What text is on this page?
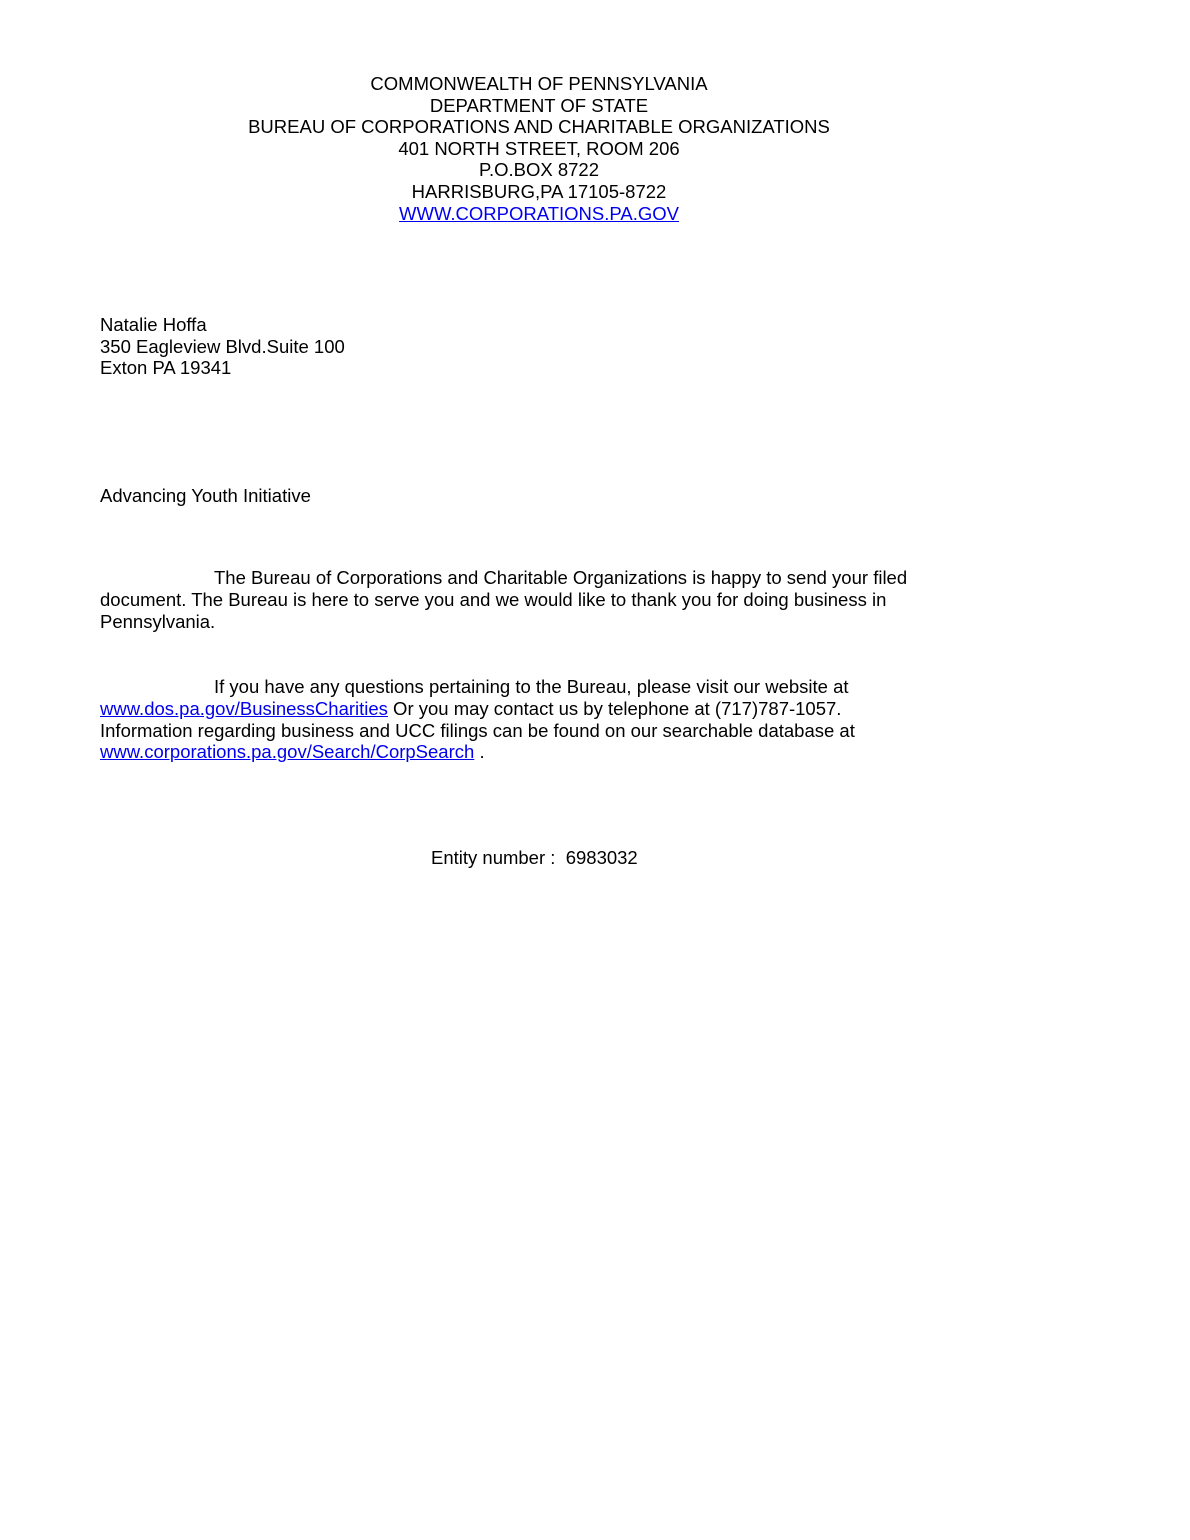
COMMONWEALTH OF PENNSYLVANIA
DEPARTMENT OF STATE
BUREAU OF CORPORATIONS AND CHARITABLE ORGANIZATIONS
401 NORTH STREET, ROOM 206
P.O.BOX 8722
HARRISBURG,PA 17105-8722
WWW.CORPORATIONS.PA.GOV
Natalie Hoffa
350 Eagleview Blvd.Suite 100
Exton PA 19341
Advancing Youth Initiative
The Bureau of Corporations and Charitable Organizations is happy to send your filed
document. The Bureau is here to serve you and we would like to thank you for doing business in
Pennsylvania.
If you have any questions pertaining to the Bureau, please visit our website at
www.dos.pa.gov/BusinessCharities Or you may contact us by telephone at (717)787-1057.
Information regarding business and UCC filings can be found on our searchable database at
www.corporations.pa.gov/Search/CorpSearch .
Entity number : 6983032
